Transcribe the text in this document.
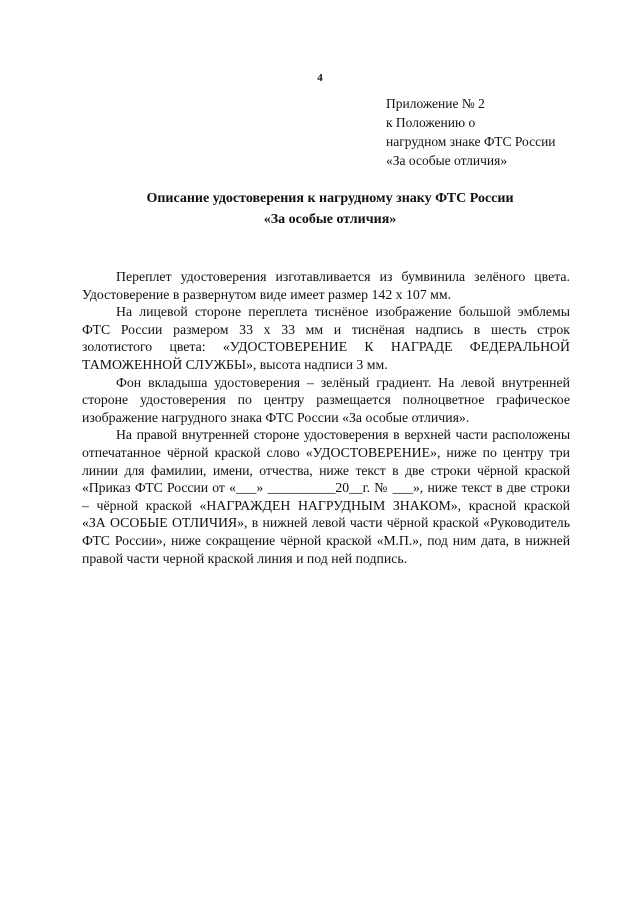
4
Приложение № 2
к Положению о
нагрудном знаке ФТС России
«За особые отличия»
Описание удостоверения к нагрудному знаку ФТС России
«За особые отличия»
Переплет удостоверения изготавливается из бумвинила зелёного цвета.
Удостоверение в развернутом виде имеет размер 142 х 107 мм.
На лицевой стороне переплета тиснёное изображение большой эмблемы
ФТС России размером 33 х 33 мм и тиснёная надпись в шесть строк
золотистого цвета: «УДОСТОВЕРЕНИЕ К НАГРАДЕ ФЕДЕРАЛЬНОЙ
ТАМОЖЕННОЙ СЛУЖБЫ», высота надписи 3 мм.
Фон вкладыша удостоверения – зелёный градиент. На левой внутренней
стороне удостоверения по центру размещается полноцветное графическое
изображение нагрудного знака ФТС России «За особые отличия».
На правой внутренней стороне удостоверения в верхней части расположены
отпечатанное чёрной краской слово «УДОСТОВЕРЕНИЕ», ниже по центру три
линии для фамилии, имени, отчества, ниже текст в две строки чёрной краской
«Приказ ФТС России от «___» __________20__г. № ___», ниже текст в две строки
– чёрной краской «НАГРАЖДЕН НАГРУДНЫМ ЗНАКОМ», красной краской
«ЗА ОСОБЫЕ ОТЛИЧИЯ», в нижней левой части чёрной краской «Руководитель
ФТС России», ниже сокращение чёрной краской «М.П.», под ним дата, в нижней
правой части черной краской линия и под ней подпись.
